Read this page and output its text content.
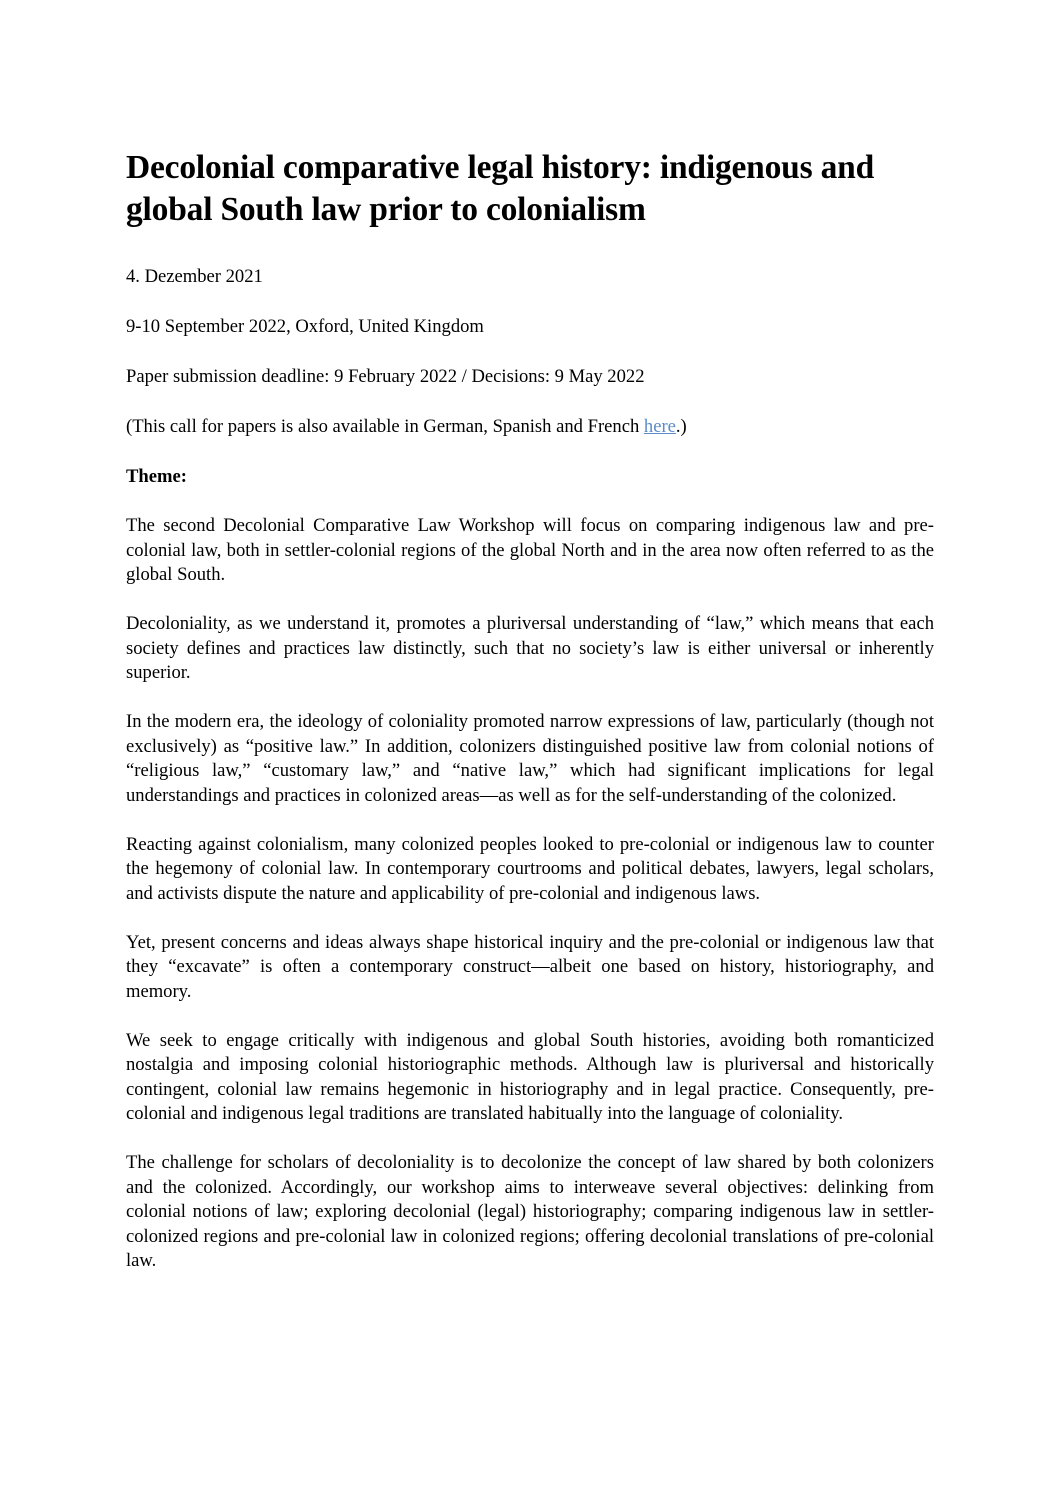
Decolonial comparative legal history: indigenous and global South law prior to colonialism

4. Dezember 2021

9-10 September 2022, Oxford, United Kingdom

Paper submission deadline: 9 February 2022 / Decisions: 9 May 2022

(This call for papers is also available in German, Spanish and French here.)

Theme:

The second Decolonial Comparative Law Workshop will focus on comparing indigenous law and pre-colonial law, both in settler-colonial regions of the global North and in the area now often referred to as the global South.

Decoloniality, as we understand it, promotes a pluriversal understanding of “law,” which means that each society defines and practices law distinctly, such that no society’s law is either universal or inherently superior.

In the modern era, the ideology of coloniality promoted narrow expressions of law, particularly (though not exclusively) as “positive law.” In addition, colonizers distinguished positive law from colonial notions of “religious law,” “customary law,” and “native law,” which had significant implications for legal understandings and practices in colonized areas—as well as for the self-understanding of the colonized.

Reacting against colonialism, many colonized peoples looked to pre-colonial or indigenous law to counter the hegemony of colonial law. In contemporary courtrooms and political debates, lawyers, legal scholars, and activists dispute the nature and applicability of pre-colonial and indigenous laws.

Yet, present concerns and ideas always shape historical inquiry and the pre-colonial or indigenous law that they “excavate” is often a contemporary construct—albeit one based on history, historiography, and memory.

We seek to engage critically with indigenous and global South histories, avoiding both romanticized nostalgia and imposing colonial historiographic methods. Although law is pluriversal and historically contingent, colonial law remains hegemonic in historiography and in legal practice. Consequently, pre-colonial and indigenous legal traditions are translated habitually into the language of coloniality.

The challenge for scholars of decoloniality is to decolonize the concept of law shared by both colonizers and the colonized. Accordingly, our workshop aims to interweave several objectives: delinking from colonial notions of law; exploring decolonial (legal) historiography; comparing indigenous law in settler-colonized regions and pre-colonial law in colonized regions; offering decolonial translations of pre-colonial law.
